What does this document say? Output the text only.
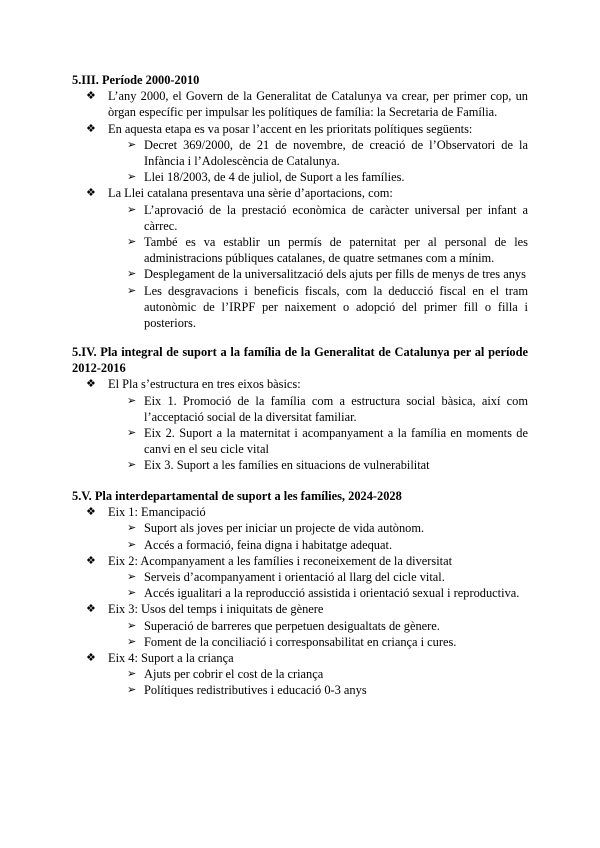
5.III. Període 2000-2010

❖ L’any 2000, el Govern de la Generalitat de Catalunya va crear, per primer cop, un òrgan específic per impulsar les polítiques de família: la Secretaria de Família.
❖ En aquesta etapa es va posar l’accent en les prioritats polítiques següents:
➢ Decret 369/2000, de 21 de novembre, de creació de l’Observatori de la Infància i l’Adolescència de Catalunya.
➢ Llei 18/2003, de 4 de juliol, de Suport a les famílies.
❖ La Llei catalana presentava una sèrie d’aportacions, com:
➢ L’aprovació de la prestació econòmica de caràcter universal per infant a càrrec.
➢ També es va establir un permís de paternitat per al personal de les administracions públiques catalanes, de quatre setmanes com a mínim.
➢ Desplegament de la universalització dels ajuts per fills de menys de tres anys
➢ Les desgravacions i beneficis fiscals, com la deducció fiscal en el tram autonòmic de l’IRPF per naixement o adopció del primer fill o filla i posteriors.

5.IV. Pla integral de suport a la família de la Generalitat de Catalunya per al període 2012-2016

❖ El Pla s’estructura en tres eixos bàsics:
➢ Eix 1. Promoció de la família com a estructura social bàsica, així com l’acceptació social de la diversitat familiar.
➢ Eix 2. Suport a la maternitat i acompanyament a la família en moments de canvi en el seu cicle vital
➢ Eix 3. Suport a les famílies en situacions de vulnerabilitat

5.V. Pla interdepartamental de suport a les famílies, 2024-2028

❖ Eix 1: Emancipació
➢ Suport als joves per iniciar un projecte de vida autònom.
➢ Accés a formació, feina digna i habitatge adequat.
❖ Eix 2: Acompanyament a les famílies i reconeixement de la diversitat
➢ Serveis d’acompanyament i orientació al llarg del cicle vital.
➢ Accés igualitari a la reproducció assistida i orientació sexual i reproductiva.
❖ Eix 3: Usos del temps i iniquitats de gènere
➢ Superació de barreres que perpetuen desigualtats de gènere.
➢ Foment de la conciliació i corresponsabilitat en criança i cures.
❖ Eix 4: Suport a la criança
➢ Ajuts per cobrir el cost de la criança
➢ Polítiques redistributives i educació 0-3 anys
